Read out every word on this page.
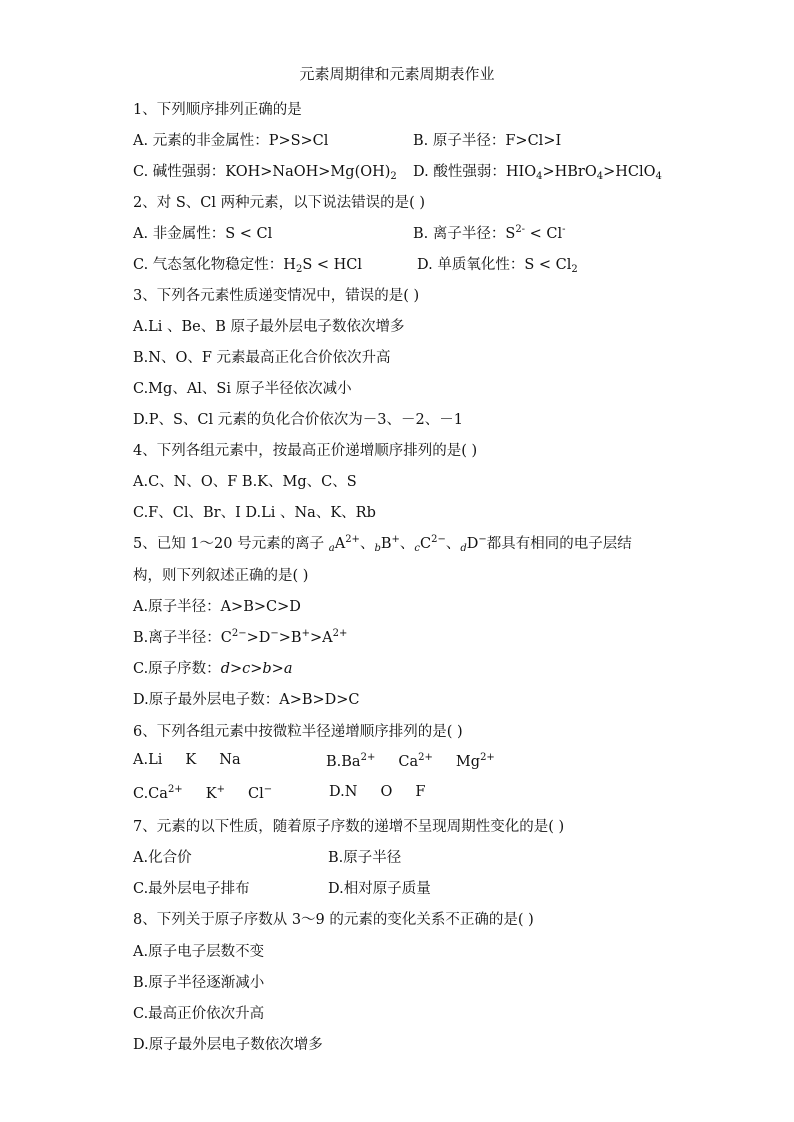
元素周期律和元素周期表作业
1、下列顺序排列正确的是
A. 元素的非金属性：P>S>Cl	B. 原子半径：F>Cl>I
C. 碱性强弱：$KOH>NaOH>Mg(OH)_2$ D. 酸性强弱：$HIO_4>HBrO_4>HClO_4$
2、对 S、Cl 两种元素，以下说法错误的是( )
A. 非金属性：S < Cl	B. 离子半径：$S^{2-} < Cl^-$
C. 气态氢化物稳定性：$H_2S$ < HCl	D. 单质氧化性：$S < Cl_2$
3、下列各元素性质递变情况中，错误的是( )
A.Li 、Be、B 原子最外层电子数依次增多
B.N、O、F 元素最高正化合价依次升高
C.Mg、Al、Si 原子半径依次减小
D.P、S、Cl 元素的负化合价依次为－3、－2、－1
4、下列各组元素中，按最高正价递增顺序排列的是( )
A.C、N、O、F B.K、Mg、C、S
C.F、Cl、Br、I D.Li 、Na、K、Rb
5、已知 1～20 号元素的离子 $_aA^{2+}$、$_b$B+、$_cC^{2-}$、$_d$D−都具有相同的电子层结
构，则下列叙述正确的是( )
A.原子半径：A>B>C>D
B.离子半径：$C^{2-}>D^->B^+>A^{2+}$
C.原子序数：d>c>b>a
D.原子最外层电子数：A>B>D>C
6、下列各组元素中按微粒半径递增顺序排列的是( )
A.Li     K     Na	$B.Ba^{2+}$     $Ca^{2+}$     $Mg^{2+}$
$C.Ca^{2+}$     K+     Cl−	D.N     O     F
7、元素的以下性质，随着原子序数的递增不呈现周期性变化的是( )
A.化合价	B.原子半径
C.最外层电子排布	D.相对原子质量
8、下列关于原子序数从 3～9 的元素的变化关系不正确的是( )
A.原子电子层数不变
B.原子半径逐渐减小
C.最高正价依次升高
D.原子最外层电子数依次增多
